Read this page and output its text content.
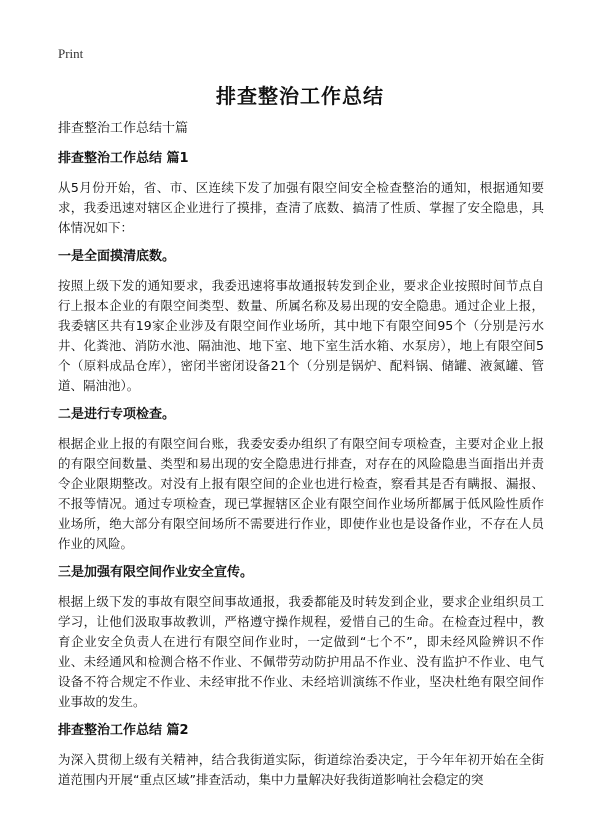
Print
排查整治工作总结

排查整治工作总结十篇

排查整治工作总结 篇1

从5月份开始，省、市、区连续下发了加强有限空间安全检查整治的通知，根据通知要求，我委迅速对辖区企业进行了摸排，查清了底数、搞清了性质、掌握了安全隐患，具体情况如下：

一是全面摸清底数。

按照上级下发的通知要求，我委迅速将事故通报转发到企业，要求企业按照时间节点自行上报本企业的有限空间类型、数量、所属名称及易出现的安全隐患。通过企业上报，我委辖区共有19家企业涉及有限空间作业场所，其中地下有限空间95个（分别是污水井、化粪池、消防水池、隔油池、地下室、地下室生活水箱、水泵房），地上有限空间5个（原料成品仓库），密闭半密闭设备21个（分别是锅炉、配料锅、储罐、液氮罐、管道、隔油池）。

二是进行专项检查。

根据企业上报的有限空间台账，我委安委办组织了有限空间专项检查，主要对企业上报的有限空间数量、类型和易出现的安全隐患进行排查，对存在的风险隐患当面指出并责令企业限期整改。对没有上报有限空间的企业也进行检查，察看其是否有瞒报、漏报、不报等情况。通过专项检查，现已掌握辖区企业有限空间作业场所都属于低风险性质作业场所，绝大部分有限空间场所不需要进行作业，即使作业也是设备作业，不存在人员作业的风险。

三是加强有限空间作业安全宣传。

根据上级下发的事故有限空间事故通报，我委都能及时转发到企业，要求企业组织员工学习，让他们汲取事故教训，严格遵守操作规程，爱惜自己的生命。在检查过程中，教育企业安全负责人在进行有限空间作业时，一定做到“七个不”，即未经风险辨识不作业、未经通风和检测合格不作业、不佩带劳动防护用品不作业、没有监护不作业、电气设备不符合规定不作业、未经审批不作业、未经培训演练不作业，坚决杜绝有限空间作业事故的发生。

排查整治工作总结 篇2

为深入贯彻上级有关精神，结合我街道实际，街道综治委决定，于今年年初开始在全街道范围内开展“重点区域”排查活动，集中力量解决好我街道影响社会稳定的突
